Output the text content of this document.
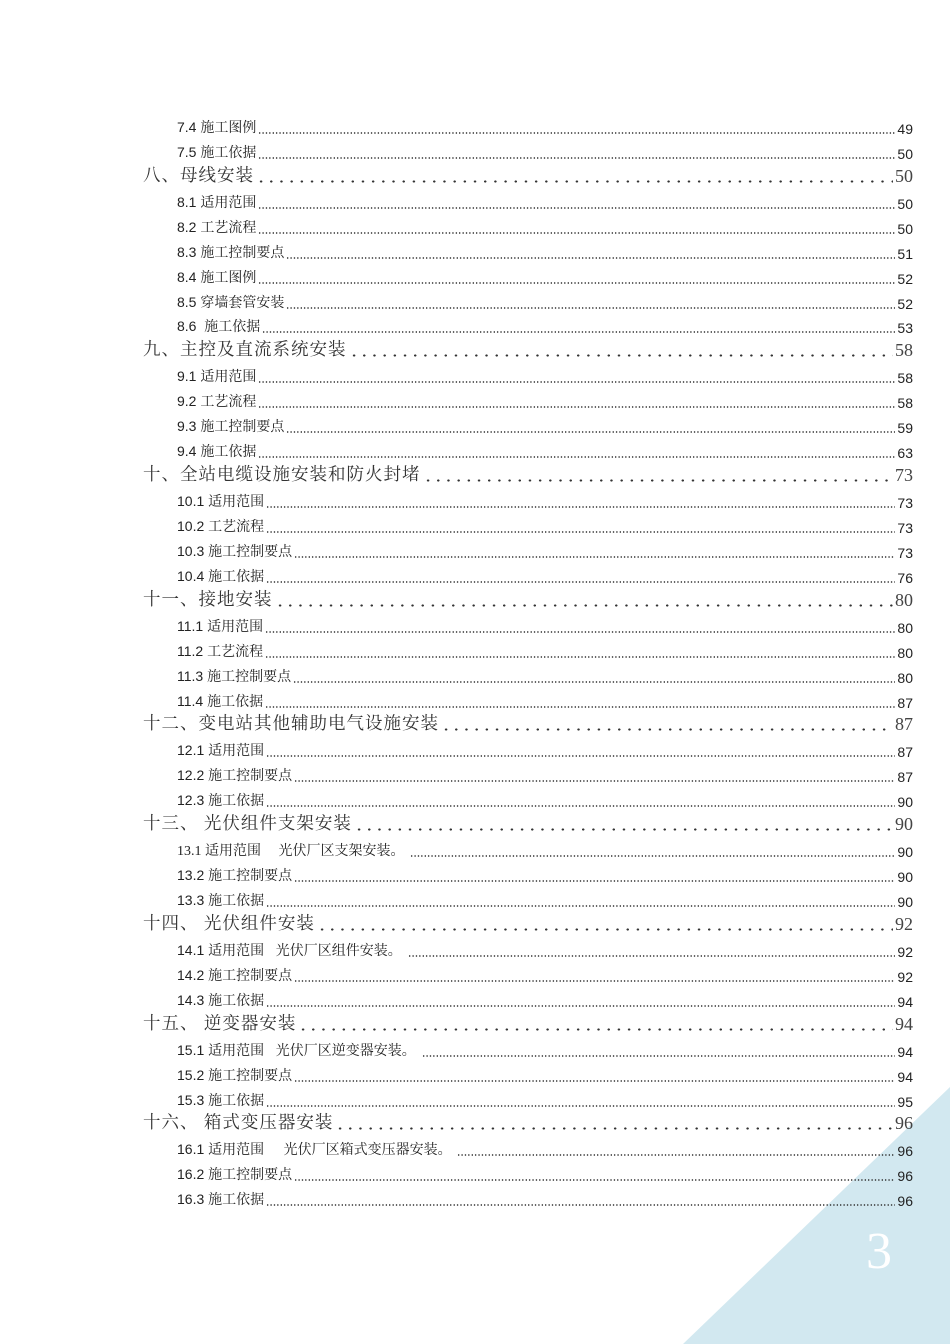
3
7.4 施工图例	49
7.5 施工依据	50
八、母线安装	50
8.1 适用范围	50
8.2 工艺流程	50
8.3 施工控制要点	51
8.4 施工图例	52
8.5 穿墙套管安装	52
8.6  施工依据	53
九、主控及直流系统安装	58
9.1 适用范围	58
9.2 工艺流程	58
9.3 施工控制要点	59
9.4 施工依据	63
十、全站电缆设施安装和防火封堵	73
10.1 适用范围	73
10.2 工艺流程	73
10.3 施工控制要点	73
10.4 施工依据	76
十一、接地安装	80
11.1 适用范围	80
11.2 工艺流程	80
11.3 施工控制要点	80
11.4 施工依据	87
十二、变电站其他辅助电气设施安装	87
12.1 适用范围	87
12.2 施工控制要点	87
12.3 施工依据	90
十三、 光伏组件支架安装	90
13.1 适用范围     光伏厂区支架安装。	90
13.2 施工控制要点	90
13.3 施工依据	90
十四、 光伏组件安装	92
14.1 适用范围   光伏厂区组件安装。	92
14.2 施工控制要点	92
14.3 施工依据	94
十五、 逆变器安装	94
15.1 适用范围   光伏厂区逆变器安装。	94
15.2 施工控制要点	94
15.3 施工依据	95
十六、 箱式变压器安装	96
16.1 适用范围     光伏厂区箱式变压器安装。	96
16.2 施工控制要点	96
16.3 施工依据	96
